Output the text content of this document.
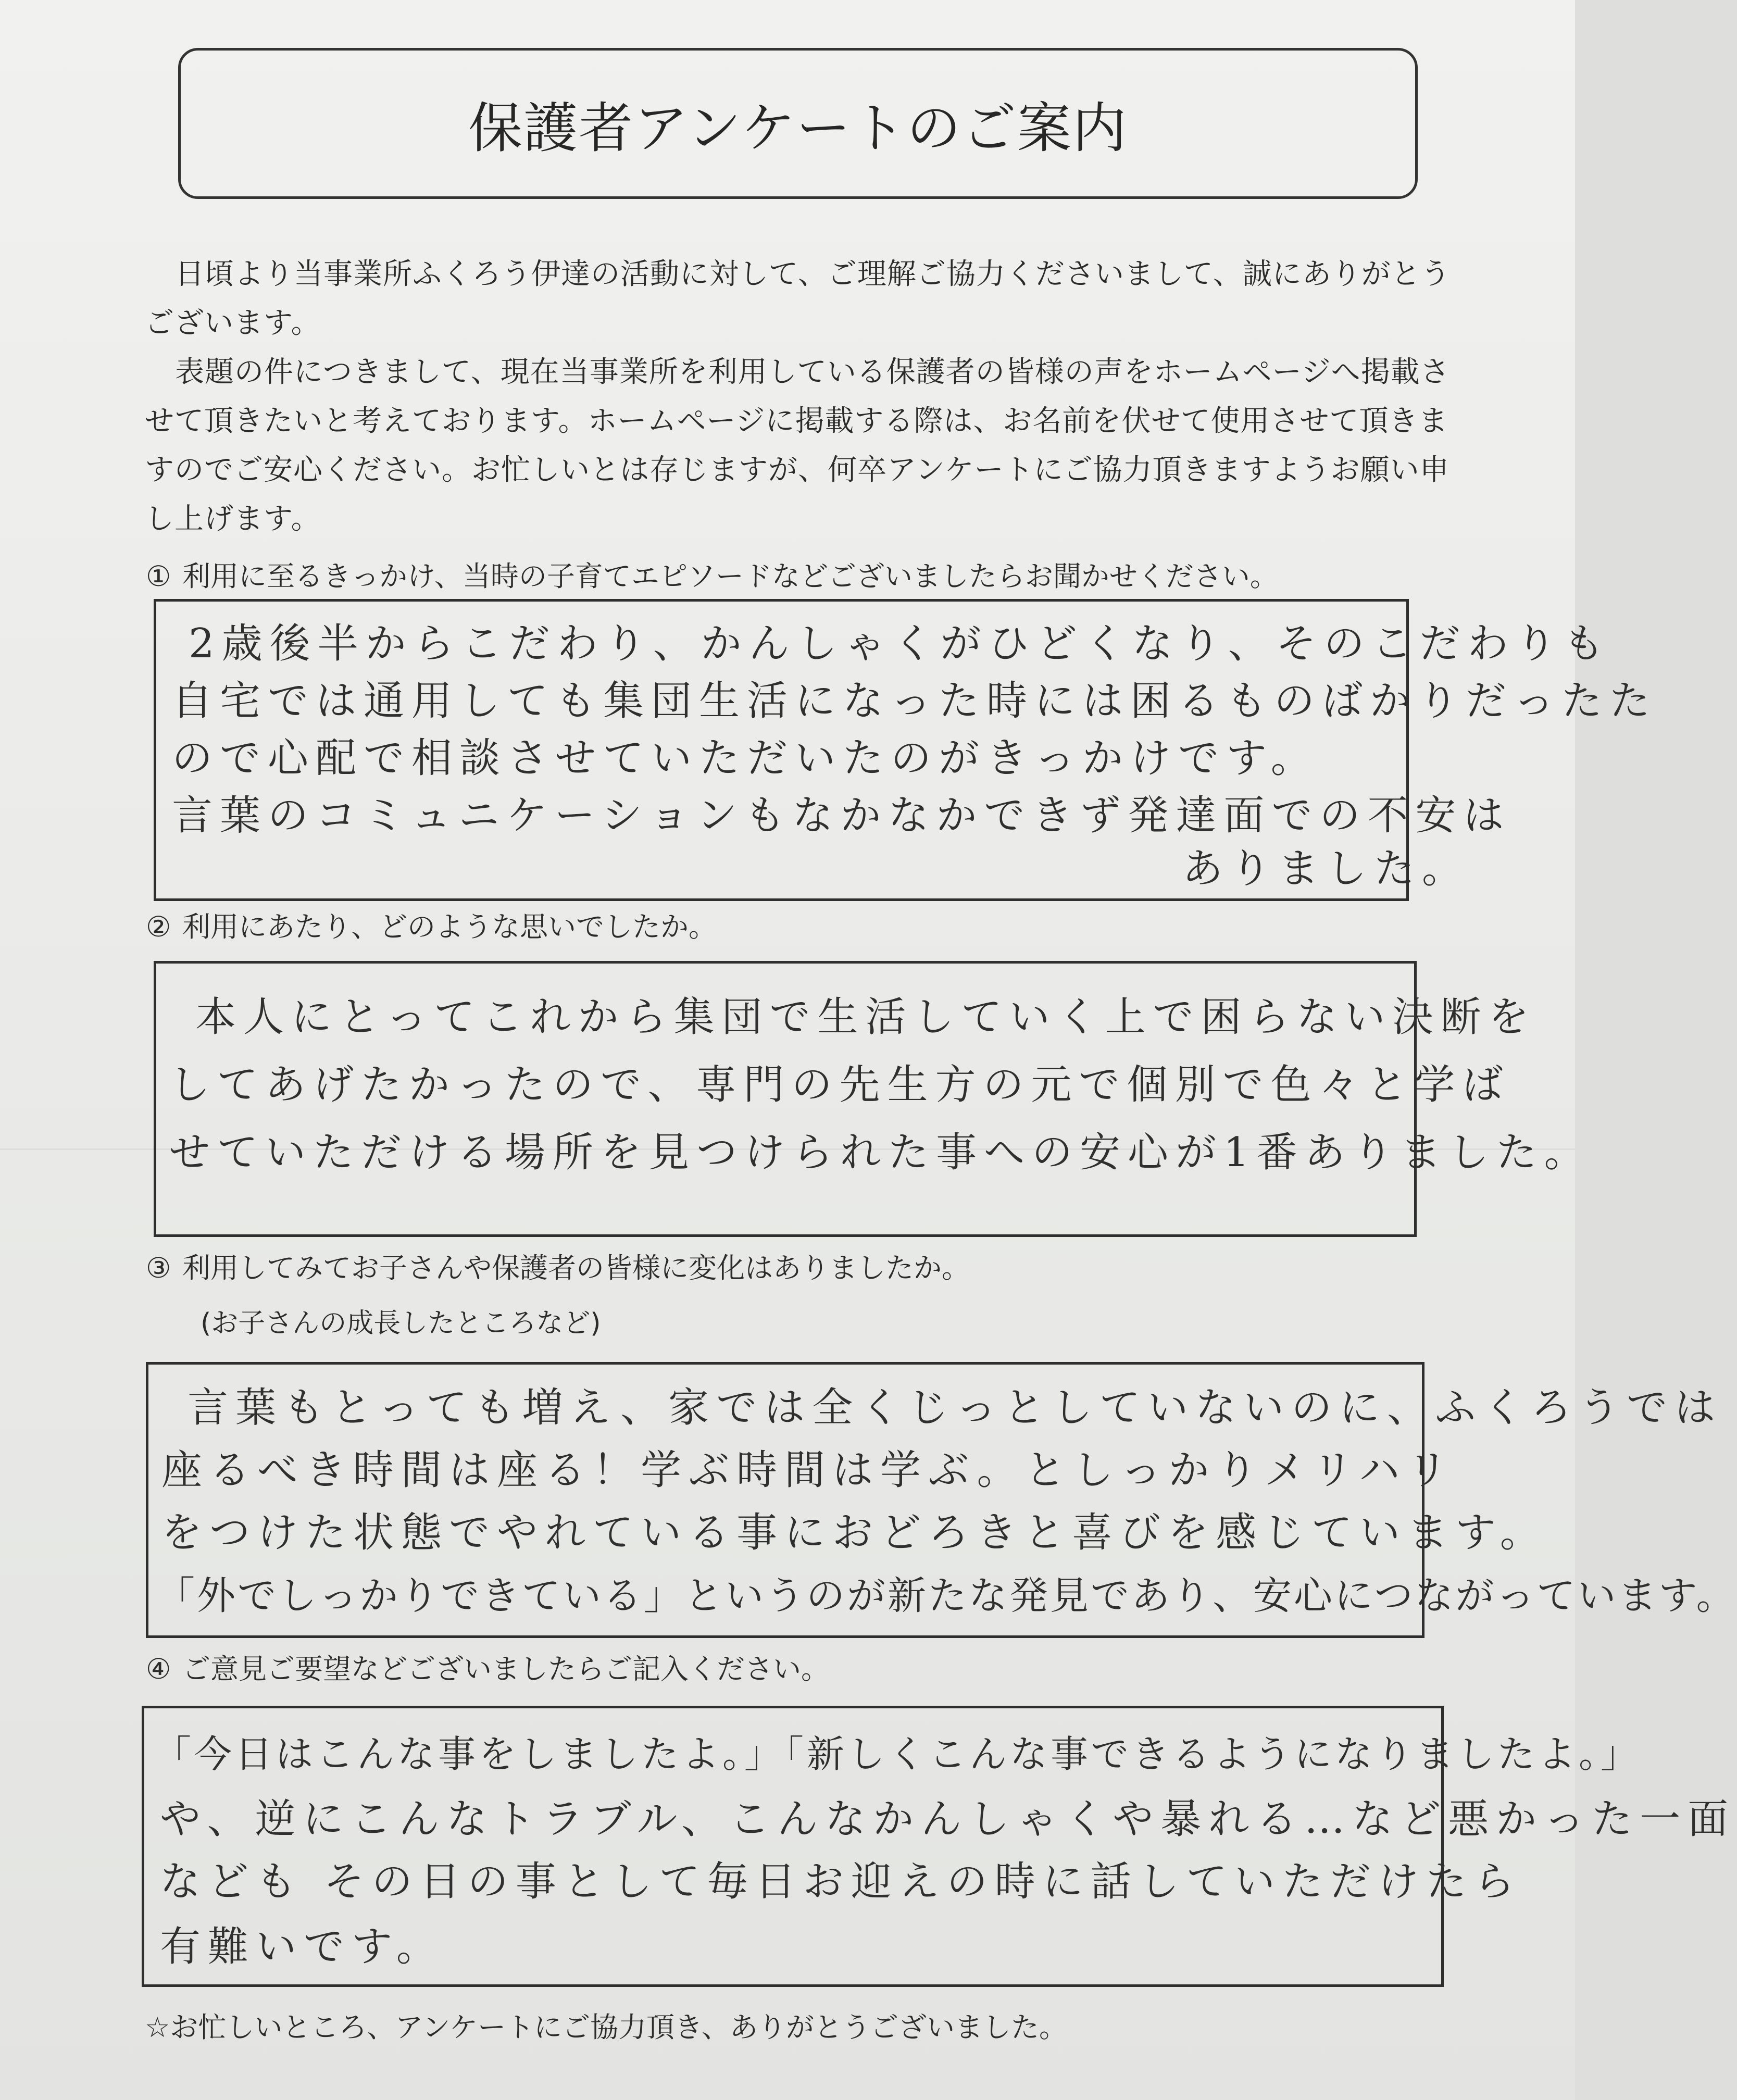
保護者アンケートのご案内

日頃より当事業所ふくろう伊達の活動に対して、ご理解ご協力くださいまして、誠にありがとうございます。

表題の件につきまして、現在当事業所を利用している保護者の皆様の声をホームページへ掲載させて頂きたいと考えております。ホームページに掲載する際は、お名前を伏せて使用させて頂きますのでご安心ください。お忙しいとは存じますが、何卒アンケートにご協力頂きますようお願い申し上げます。

① 利用に至るきっかけ、当時の子育てエピソードなどございましたらお聞かせください。
2歳後半からこだわり、かんしゃくがひどくなり、そのこだわりも
自宅では通用しても集団生活になった時には困るものばかりだったた
ので心配で相談させていただいたのがきっかけです。
言葉のコミュニケーションもなかなかできず発達面での不安は
ありました。
② 利用にあたり、どのような思いでしたか。
本人にとってこれから集団で生活していく上で困らない決断を
してあげたかったので、専門の先生方の元で個別で色々と学ば
せていただける場所を見つけられた事への安心が1番ありました。
③ 利用してみてお子さんや保護者の皆様に変化はありましたか。
(お子さんの成長したところなど)
言葉もとっても増え、家では全くじっとしていないのに、ふくろうでは
座るべき時間は座る！学ぶ時間は学ぶ。としっかりメリハリ
をつけた状態でやれている事におどろきと喜びを感じています。
「外でしっかりできている」というのが新たな発見であり、安心につながっています。
④ ご意見ご要望などございましたらご記入ください。
「今日はこんな事をしましたよ。」「新しくこんな事できるようになりましたよ。」
や、逆にこんなトラブル、こんなかんしゃくや暴れる…など悪かった一面
なども その日の事として毎日お迎えの時に話していただけたら
有難いです。
☆お忙しいところ、アンケートにご協力頂き、ありがとうございました。
